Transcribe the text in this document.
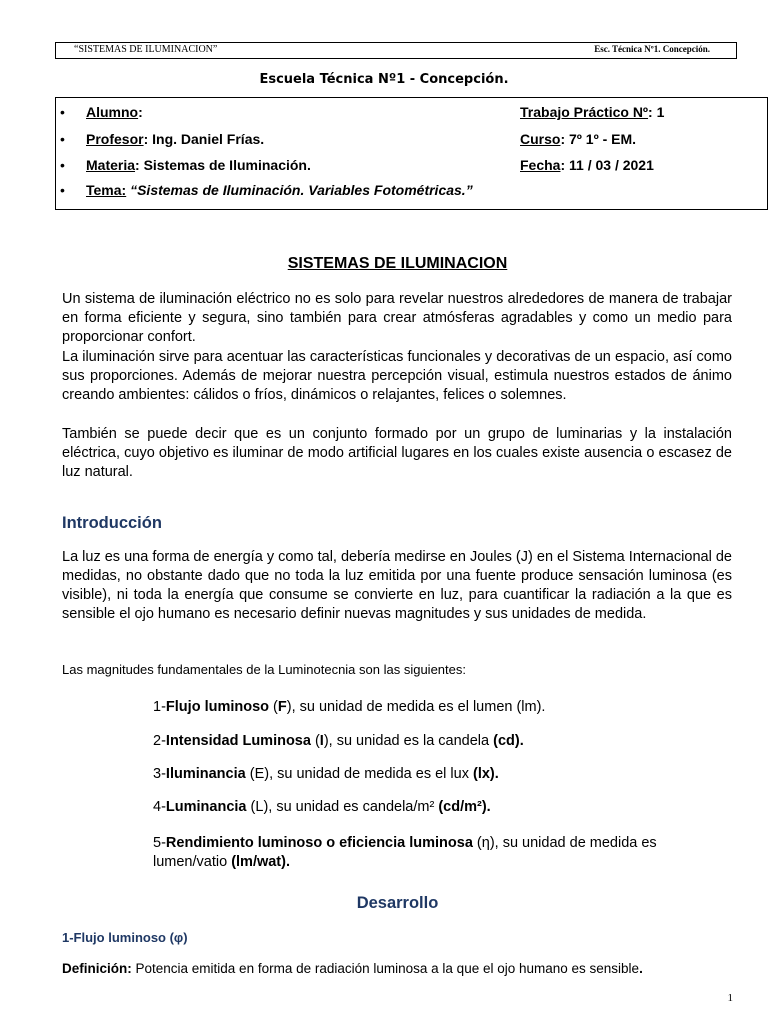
“SISTEMAS DE ILUMINACION”	Esc. Técnica Nº1. Concepción.
Escuela Técnica Nº1 - Concepción.
• Alumno:	Trabajo Práctico Nº: 1
• Profesor: Ing. Daniel Frías.	Curso: 7º 1º - EM.
• Materia: Sistemas de Iluminación.	Fecha: 11 / 03 / 2021
• Tema: “Sistemas de Iluminación. Variables Fotométricas.”
SISTEMAS DE ILUMINACION
Un sistema de iluminación eléctrico no es solo para revelar nuestros alrededores de manera de trabajar en forma eficiente y segura, sino también para crear atmósferas agradables y como un medio para proporcionar confort.
La iluminación sirve para acentuar las características funcionales y decorativas de un espacio, así como sus proporciones. Además de mejorar nuestra percepción visual, estimula nuestros estados de ánimo creando ambientes: cálidos o fríos, dinámicos o relajantes, felices o solemnes.
También se puede decir que es un conjunto formado por un grupo de luminarias y la instalación eléctrica, cuyo objetivo es iluminar de modo artificial lugares en los cuales existe ausencia o escasez de luz natural.
Introducción
La luz es una forma de energía y como tal, debería medirse en Joules (J) en el Sistema Internacional de medidas, no obstante dado que no toda la luz emitida por una fuente produce sensación luminosa (es visible), ni toda la energía que consume se convierte en luz, para cuantificar la radiación a la que es sensible el ojo humano es necesario definir nuevas magnitudes y sus unidades de medida.
Las magnitudes fundamentales de la Luminotecnia son las siguientes:
1-Flujo luminoso (F), su unidad de medida es el lumen (lm).
2-Intensidad Luminosa (I), su unidad es la candela (cd).
3-Iluminancia (E), su unidad de medida es el lux (lx).
4-Luminancia (L), su unidad es candela/m² (cd/m²).
5-Rendimiento luminoso o eficiencia luminosa (η), su unidad de medida es lumen/vatio (lm/wat).
Desarrollo
1-Flujo luminoso (φ)
Definición: Potencia emitida en forma de radiación luminosa a la que el ojo humano es sensible.
1
